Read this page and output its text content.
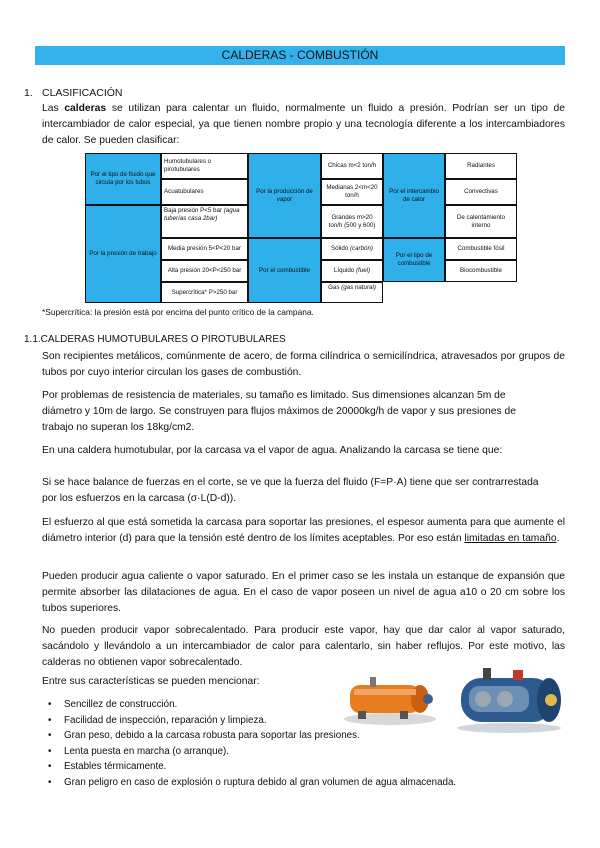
CALDERAS - COMBUSTIÓN
1. CLASIFICACIÓN
Las calderas se utilizan para calentar un fluido, normalmente un fluido a presión. Podrían ser un tipo de intercambiador de calor especial, ya que tienen nombre propio y una tecnología diferente a los intercambiadores de calor. Se pueden clasificar:
Por el tipo de fluido que circula por los tubos
Humotubulares o pirotubulares
Acuatubulares
Por la presión de trabajo
Baja presión P<5 bar (agua tuberías casa 2bar)
Media presión 5<P<20 bar
Alta presión 20<P<250 bar
Supercrítica* P>250 bar
Por la producción de vapor
Chicas m<2 ton/h
Medianas 2<m<20 ton/h
Grandes m>20 ton/h (500 y 600)
Por el combustible
Sólido (carbón)
Líquido (fuel)
Gas (gas natural)
Por el intercambio de calor
Radiantes
Convectivas
De calentamiento interno
Por el tipo de combustible
Combustible fósil
Biocombustible
*Supercrítica: la presión está por encima del punto crítico de la campana.
1.1.CALDERAS HUMOTUBULARES O PIROTUBULARES
Son recipientes metálicos, comúnmente de acero, de forma cilíndrica o semicilíndrica, atravesados por grupos de tubos por cuyo interior circulan los gases de combustión.
Por problemas de resistencia de materiales, su tamaño es limitado. Sus dimensiones alcanzan 5m de diámetro y 10m de largo. Se construyen para flujos máximos de 20000kg/h de vapor y sus presiones de trabajo no superan los 18kg/cm2.
En una caldera humotubular, por la carcasa va el vapor de agua. Analizando la carcasa se tiene que:
Si se hace balance de fuerzas en el corte, se ve que la fuerza del fluido (F=P·A) tiene que ser contrarrestada por los esfuerzos en la carcasa (σ·L(D-d)).
El esfuerzo al que está sometida la carcasa para soportar las presiones, el espesor aumenta para que aumente el diámetro interior (d) para que la tensión esté dentro de los límites aceptables. Por eso están limitadas en tamaño.
Pueden producir agua caliente o vapor saturado. En el primer caso se les instala un estanque de expansión que permite absorber las dilataciones de agua. En el caso de vapor poseen un nivel de agua a10 o 20 cm sobre los tubos superiores.
No pueden producir vapor sobrecalentado. Para producir este vapor, hay que dar calor al vapor saturado, sacándolo y llevándolo a un intercambiador de calor para calentarlo, sin haber reflujos. Por este motivo, las calderas no obtienen vapor sobrecalentado.
Entre sus características se pueden mencionar:
• Sencillez de construcción.
• Facilidad de inspección, reparación y limpieza.
• Gran peso, debido a la carcasa robusta para soportar las presiones.
• Lenta puesta en marcha (o arranque).
• Estables térmicamente.
• Gran peligro en caso de explosión o ruptura debido al gran volumen de agua almacenada.
